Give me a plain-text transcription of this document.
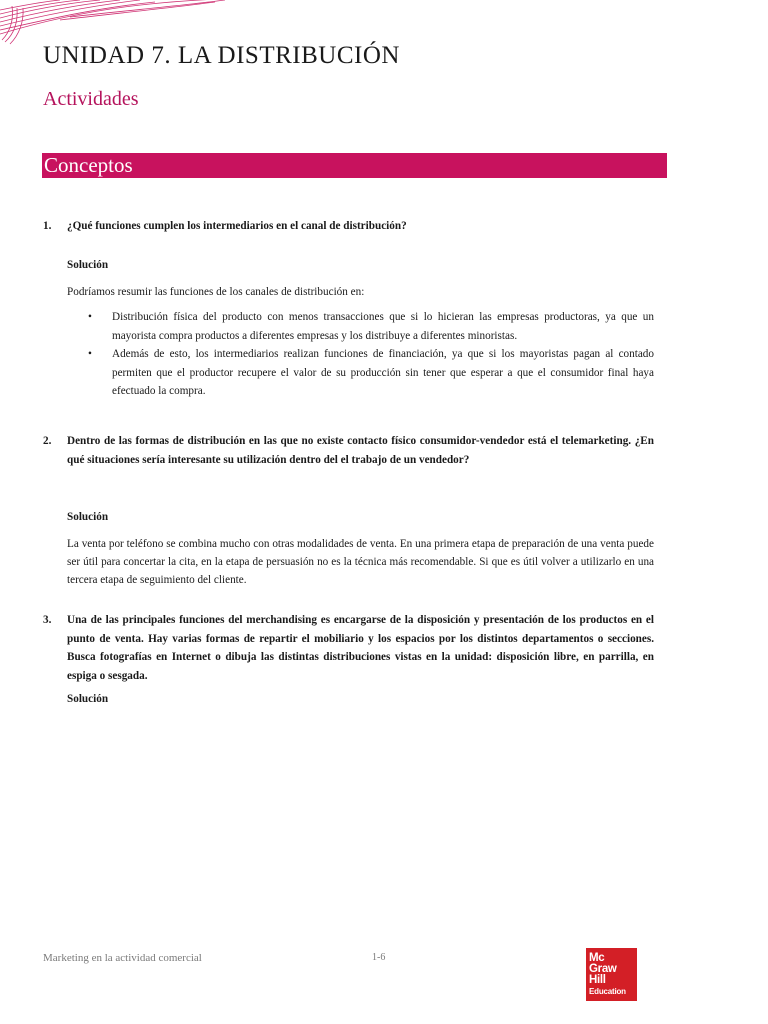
UNIDAD 7. LA DISTRIBUCIÓN
Actividades
Conceptos
1. ¿Qué funciones cumplen los intermediarios en el canal de distribución?
Solución
Podríamos resumir las funciones de los canales de distribución en:
• Distribución física del producto con menos transacciones que si lo hicieran las empresas productoras, ya que un mayorista compra productos a diferentes empresas y los distribuye a diferentes minoristas.
• Además de esto, los intermediarios realizan funciones de financiación, ya que si los mayoristas pagan al contado permiten que el productor recupere el valor de su producción sin tener que esperar a que el consumidor final haya efectuado la compra.
2. Dentro de las formas de distribución en las que no existe contacto físico consumidor-vendedor está el telemarketing. ¿En qué situaciones sería interesante su utilización dentro del el trabajo de un vendedor?
Solución
La venta por teléfono se combina mucho con otras modalidades de venta. En una primera etapa de preparación de una venta puede ser útil para concertar la cita, en la etapa de persuasión no es la técnica más recomendable. Si que es útil volver a utilizarlo en una tercera etapa de seguimiento del cliente.
3. Una de las principales funciones del merchandising es encargarse de la disposición y presentación de los productos en el punto de venta. Hay varias formas de repartir el mobiliario y los espacios por los distintos departamentos o secciones. Busca fotografías en Internet o dibuja las distintas distribuciones vistas en la unidad: disposición libre, en parrilla, en espiga o sesgada.
Solución
Marketing en la actividad comercial	1-6	Mc
Graw
Hill
Education
